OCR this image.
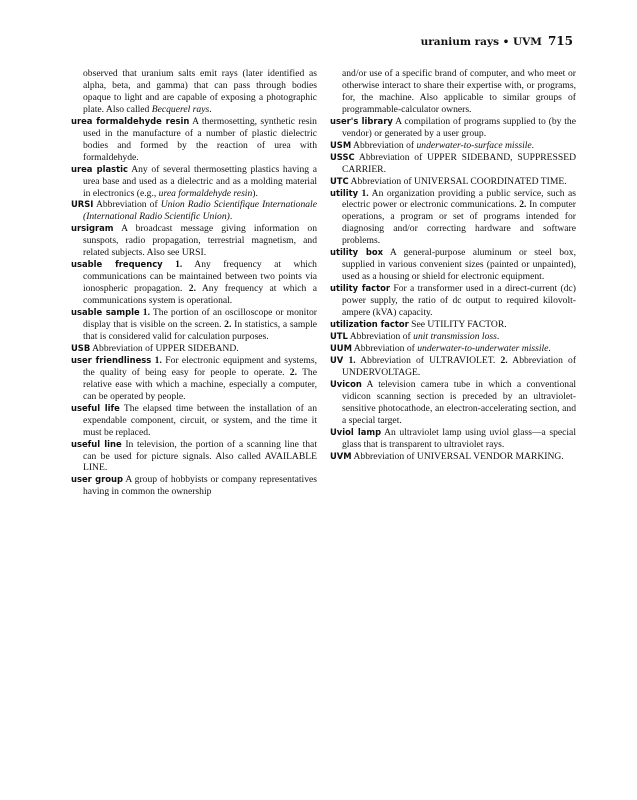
uranium rays • UVM 715

observed that uranium salts emit rays (later identified as alpha, beta, and gamma) that can pass through bodies opaque to light and are capable of exposing a photographic plate. Also called Becquerel rays.

urea formaldehyde resin A thermosetting, synthetic resin used in the manufacture of a number of plastic dielectric bodies and formed by the reaction of urea with formaldehyde.

urea plastic Any of several thermosetting plastics having a urea base and used as a dielectric and as a molding material in electronics (e.g., urea formaldehyde resin).

URSI Abbreviation of Union Radio Scientifique Internationale (International Radio Scientific Union).

ursigram A broadcast message giving information on sunspots, radio propagation, terrestrial magnetism, and related subjects. Also see URSI.

usable frequency 1. Any frequency at which communications can be maintained between two points via ionospheric propagation. 2. Any frequency at which a communications system is operational.

usable sample 1. The portion of an oscilloscope or monitor display that is visible on the screen. 2. In statistics, a sample that is considered valid for calculation purposes.

USB Abbreviation of UPPER SIDEBAND.

user friendliness 1. For electronic equipment and systems, the quality of being easy for people to operate. 2. The relative ease with which a machine, especially a computer, can be operated by people.

useful life The elapsed time between the installation of an expendable component, circuit, or system, and the time it must be replaced.

useful line In television, the portion of a scanning line that can be used for picture signals. Also called AVAILABLE LINE.

user group A group of hobbyists or company representatives having in common the ownership

and/or use of a specific brand of computer, and who meet or otherwise interact to share their expertise with, or programs, for, the machine. Also applicable to similar groups of programmable-calculator owners.

user's library A compilation of programs supplied to (by the vendor) or generated by a user group.

USM Abbreviation of underwater-to-surface missile.

USSC Abbreviation of UPPER SIDEBAND, SUPPRESSED CARRIER.

UTC Abbreviation of UNIVERSAL COORDINATED TIME.

utility 1. An organization providing a public service, such as electric power or electronic communications. 2. In computer operations, a program or set of programs intended for diagnosing and/or correcting hardware and software problems.

utility box A general-purpose aluminum or steel box, supplied in various convenient sizes (painted or unpainted), used as a housing or shield for electronic equipment.

utility factor For a transformer used in a direct-current (dc) power supply, the ratio of dc output to required kilovolt-ampere (kVA) capacity.

utilization factor See UTILITY FACTOR.

UTL Abbreviation of unit transmission loss.

UUM Abbreviation of underwater-to-underwater missile.

UV 1. Abbreviation of ULTRAVIOLET. 2. Abbreviation of UNDERVOLTAGE.

Uvicon A television camera tube in which a conventional vidicon scanning section is preceded by an ultraviolet-sensitive photocathode, an electron-accelerating section, and a special target.

Uviol lamp An ultraviolet lamp using uviol glass—a special glass that is transparent to ultraviolet rays.

UVM Abbreviation of UNIVERSAL VENDOR MARKING.
